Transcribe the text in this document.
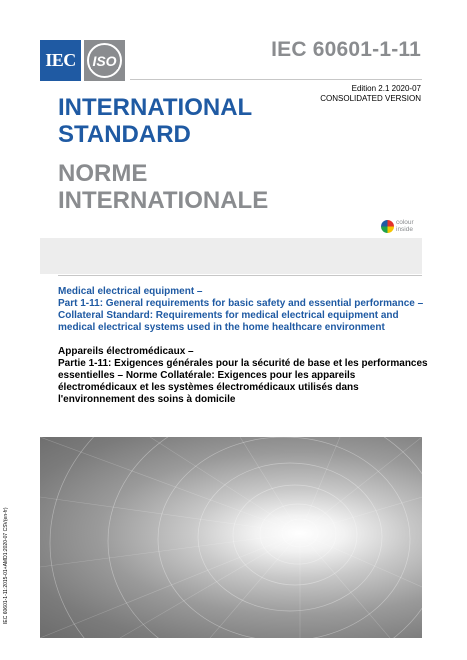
IEC ISO	IEC 60601-1-11
Edition 2.1 2020-07
CONSOLIDATED VERSION
INTERNATIONAL
STANDARD
NORME
INTERNATIONALE
colour
inside

Medical electrical equipment –

Part 1-11: General requirements for basic safety and essential performance – Collateral Standard: Requirements for medical electrical equipment and medical electrical systems used in the home healthcare environment

Appareils électromédicaux –

Partie 1-11: Exigences générales pour la sécurité de base et les performances essentielles – Norme Collatérale: Exigences pour les appareils électromédicaux et les systèmes électromédicaux utilisés dans l'environnement des soins à domicile

IEC 60601-1-11:2015-01+AMD1:2020-07 CSV(en-fr)
